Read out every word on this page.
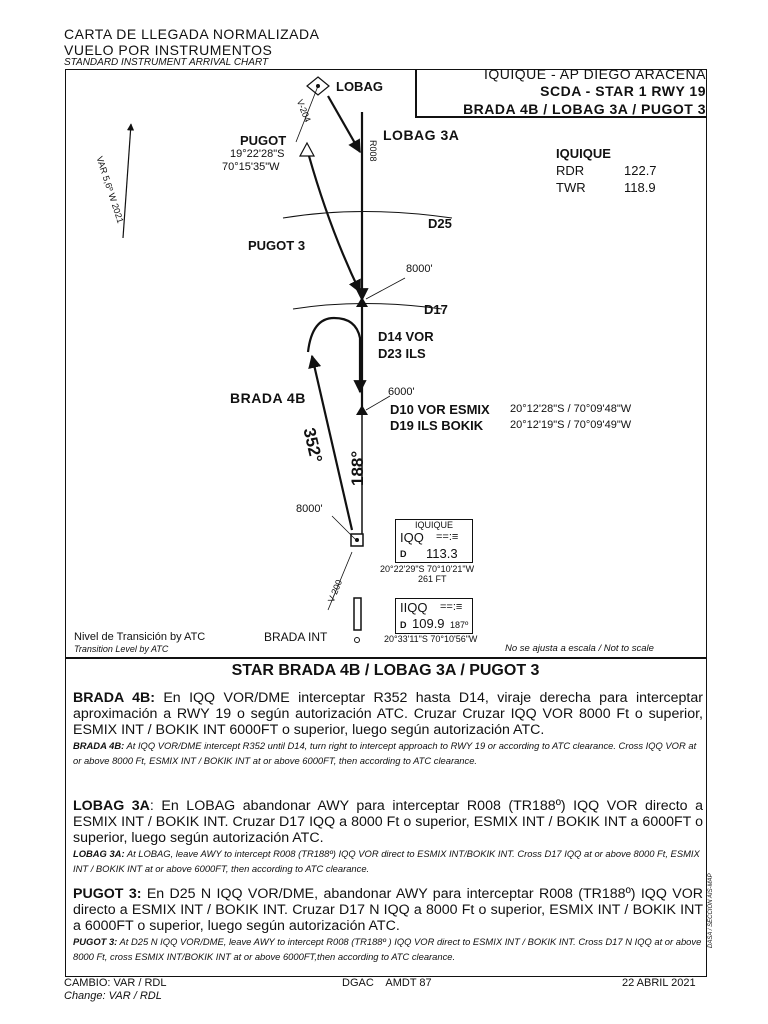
CARTA DE LLEGADA NORMALIZADA
VUELO POR INSTRUMENTOS
STANDARD INSTRUMENT ARRIVAL CHART
IQUIQUE - AP DIEGO ARACENA
SCDA - STAR 1 RWY 19
BRADA 4B / LOBAG 3A / PUGOT 3
IQUIQUE
RDR	122.7
TWR	118.9
VAR 5,6º W 2021
LOBAG
V-204
LOBAG 3A
R008
PUGOT
19°22'28"S
70°15'35"W
PUGOT 3
D25
8000'
D17
D14 VOR
D23 ILS
BRADA 4B	6000'
D10 VOR ESMIX 20°12'28"S / 70°09'48"W
D19 ILS BOKIK 20°12'19"S / 70°09'49"W
352°
188°
8000'
V-200
Nivel de Transición by ATC
Transition Level by ATC
BRADA INT
No se ajusta a escala / Not to scale
IQUIQUE
IQQ ==:≡
D 113.3
20°22'29"S 70°10'21"W
261 FT
IIQQ ==:≡
D 109.9 187º
20°33'11"S 70°10'56"W
STAR BRADA 4B / LOBAG 3A / PUGOT 3

BRADA 4B: En IQQ VOR/DME interceptar R352 hasta D14, viraje derecha para interceptar aproximación a RWY 19 o según autorización ATC. Cruzar Cruzar IQQ VOR 8000 Ft o superior, ESMIX INT / BOKIK INT 6000FT o superior, luego según autorización ATC.

BRADA 4B: At IQQ VOR/DME intercept R352 until D14, turn right to intercept approach to RWY 19 or according to ATC clearance. Cross IQQ VOR at or above 8000 Ft, ESMIX INT / BOKIK INT at or above 6000FT, then according to ATC clearance.

LOBAG 3A: En LOBAG abandonar AWY para interceptar R008 (TR188º) IQQ VOR directo a ESMIX INT / BOKIK INT. Cruzar D17 IQQ a 8000 Ft o superior, ESMIX INT / BOKIK INT a 6000FT o superior, luego según autorización ATC.

LOBAG 3A: At LOBAG, leave AWY to intercept R008 (TR188º) IQQ VOR direct to ESMIX INT/BOKIK INT. Cross D17 IQQ at or above 8000 Ft, ESMIX INT / BOKIK INT at or above 6000FT, then according to ATC clearance.

PUGOT 3: En D25 N IQQ VOR/DME, abandonar AWY para interceptar R008 (TR188º) IQQ VOR directo a ESMIX INT / BOKIK INT. Cruzar D17 N IQQ a 8000 Ft o superior, ESMIX INT / BOKIK INT a 6000FT o superior, luego según autorización ATC.

PUGOT 3: At D25 N IQQ VOR/DME, leave AWY to intercept R008 (TR188º ) IQQ VOR direct to ESMIX INT / BOKIK INT. Cross D17 N IQQ at or above 8000 Ft, cross ESMIX INT/BOKIK INT at or above 6000FT,then according to ATC clearance.

DASA / SECCIÓN AIS-MAP
CAMBIO: VAR / RDL
Change: VAR / RDL
DGAC    AMDT 87	22 ABRIL 2021
